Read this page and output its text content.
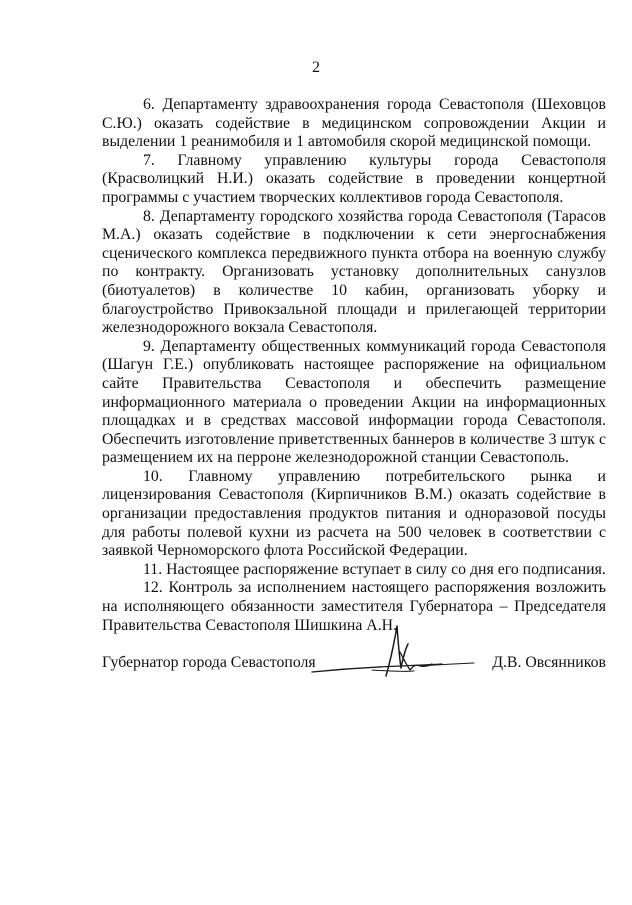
2

6. Департаменту здравоохранения города Севастополя (Шеховцов С.Ю.) оказать содействие в медицинском сопровождении Акции и выделении 1 реанимобиля и 1 автомобиля скорой медицинской помощи.

7. Главному управлению культуры города Севастополя (Красволицкий Н.И.) оказать содействие в проведении концертной программы с участием творческих коллективов города Севастополя.

8. Департаменту городского хозяйства города Севастополя (Тарасов М.А.) оказать содействие в подключении к сети энергоснабжения сценического комплекса передвижного пункта отбора на военную службу по контракту. Организовать установку дополнительных санузлов (биотуалетов) в количестве 10 кабин, организовать уборку и благоустройство Привокзальной площади и прилегающей территории железнодорожного вокзала Севастополя.

9. Департаменту общественных коммуникаций города Севастополя (Шагун Г.Е.) опубликовать настоящее распоряжение на официальном сайте Правительства Севастополя и обеспечить размещение информационного материала о проведении Акции на информационных площадках и в средствах массовой информации города Севастополя. Обеспечить изготовление приветственных баннеров в количестве 3 штук с размещением их на перроне железнодорожной станции Севастополь.

10. Главному управлению потребительского рынка и лицензирования Севастополя (Кирпичников В.М.) оказать содействие в организации предоставления продуктов питания и одноразовой посуды для работы полевой кухни из расчета на 500 человек в соответствии с заявкой Черноморского флота Российской Федерации.

11. Настоящее распоряжение вступает в силу со дня его подписания.

12. Контроль за исполнением настоящего распоряжения возложить на исполняющего обязанности заместителя Губернатора – Председателя Правительства Севастополя Шишкина А.Н.

Губернатор города Севастополя	Д.В. Овсянников
